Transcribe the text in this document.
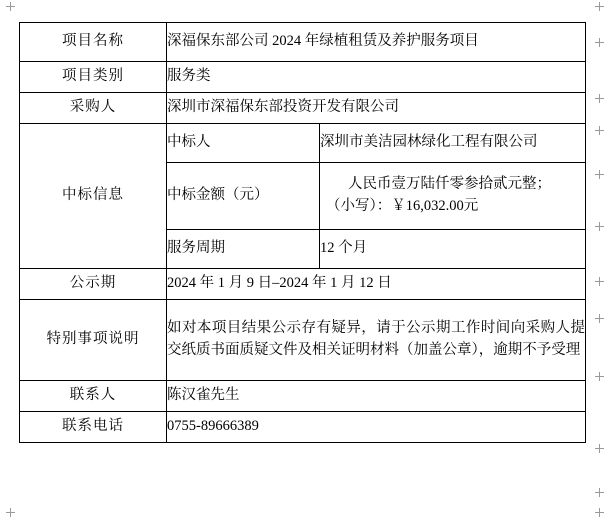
项目名称	深福保东部公司 2024 年绿植租赁及养护服务项目	
项目类别	服务类	
采购人	深圳市深福保东部投资开发有限公司	
中标信息	中标人	深圳市美洁园林绿化工程有限公司
	中标金额（元）	人民币壹万陆仟零参拾贰元整；
（小写）：￥16,032.00元

	服务周期	12 个月
公示期	2024 年 1 月 9 日–2024 年 1 月 12 日	
特别事项说明	如对本项目结果公示存有疑异，请于公示期工作时间向采购人提交纸质书面质疑文件及相关证明材料（加盖公章），逾期不予受理	
联系人	陈汉雀先生	
联系电话	0755-89666389	
